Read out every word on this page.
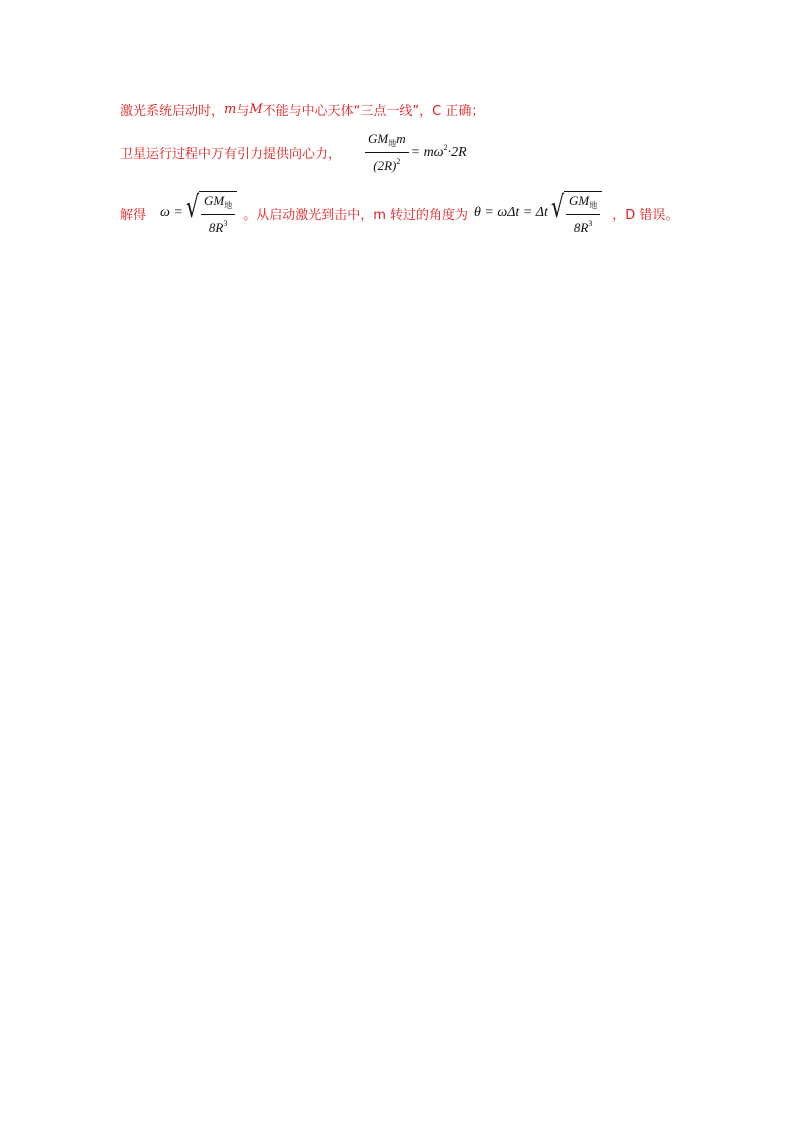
激光系统启动时， m 与 M 不能与中心天体“三点一线”，C 正确；
卫星运行过程中万有引力提供向心力， $\frac{GM_地m}{(2R)^2} = m\omega^2\cdot 2R$
解得 ω = √ $\frac{GM_地}{8R^3}$ 。从启动激光到击中，m 转过的角度为 θ = ωΔt = Δt √ $\frac{GM_地}{8R^3}$ ，D 错误。
